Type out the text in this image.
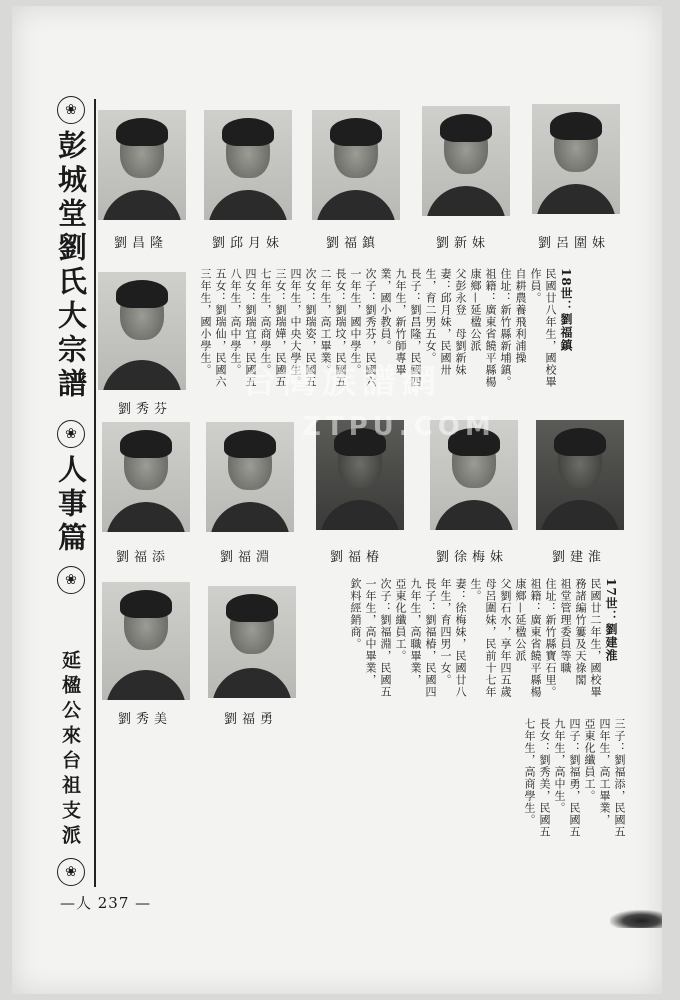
❀
彭城堂劉氏大宗譜
❀
人事篇
❀
延楹公來台祖支派
❀
—人 237 —
劉昌隆	劉邱月妹	劉福鎮	劉新妹	劉呂圍妹
劉秀芬

18世：劉福鎮

民國廿八年生，國校畢

作員。

自耕農養飛利浦操

住址：新竹縣新埔鎮。

祖籍：廣東省饒平縣楊

康鄉—延楹公派

父彭永登　母劉新妹

妻：邱月妹，民國卅

生，育二男五女。

長子：劉昌隆，民國四

九年生，新竹師專畢

業，國小教員。

次子：劉秀芬，民國六

一年生，國中學生。

長女：劉瑞坟，民國五

二年生，高工畢業。

次女：劉瑞姿，民國五

四年生，中央大學生。

三女：劉瑞嬅，民國五

七年生，高商學生。

四女：劉瑞宜，民國五

八年生，高中學生。

五女：劉瑞仙，民國六

三年生，國小學生。

劉福添	劉福淵	劉福椿	劉徐梅妹	劉建淮
劉秀美	劉福勇

17世：劉建淮

民國廿二年生，國校畢

務諸編竹簍及天祿閣

祖堂管理委員等職

住址：新竹縣寶石里。

祖籍：廣東省饒平縣楊

康鄉—延楹公派

父劉石水，享年四五歲

母呂圍妹，民前十七年

生。

妻：徐梅妹，民國廿八

年生，育四男一女。

長子：劉福椿，民國四

九年生，高職畢業，

亞東化纖員工。

次子：劉福淵，民國五

一年生，高中畢業，

欽料經銷商。

三子：劉福添，民國五

四年生，高工畢業，

亞東化纖員工。

四子：劉福勇，民國五

九年生，高中生。

長女：劉秀美，民國五

七年生，高商學生。

台灣族譜網
ZTPU.COM
